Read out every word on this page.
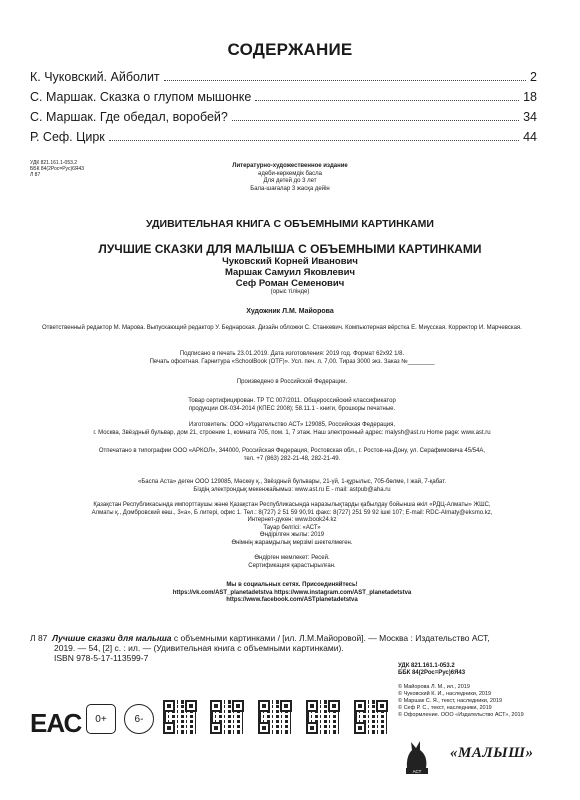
СОДЕРЖАНИЕ
К. Чуковский. Айболит	2
С. Маршак. Сказка о глупом мышонке	18
С. Маршак. Где обедал, воробей?	34
Р. Сеф. Цирк	44
УДК 821.161.1-053.2
ББК 84(2Рос=Рус)6Я43
Л 87
Литературно-художественное издание
әдеби-көркемдік басла
Для детей до 3 лет
Бала-шағалар 3 жасқа дейін
УДИВИТЕЛЬНАЯ КНИГА С ОБЪЕМНЫМИ КАРТИНКАМИ
ЛУЧШИЕ СКАЗКИ ДЛЯ МАЛЫША С ОБЪЕМНЫМИ КАРТИНКАМИ
Чуковский Корней Иванович
Маршак Самуил Яковлевич
Сеф Роман Семенович
(орыс тілінде)
Художник Л.М. Майорова
Ответственный редактор М. Марова. Выпускающий редактор У. Беднарская. Дизайн обложки С. Станкевич. Компьютерная вёрстка Е. Миусская. Корректор И. Марчевская.
Подписано в печать 23.01.2019. Дата изготовления: 2019 год. Формат 62x92 1/8.
Печать офсетная. Гарнитура «SchoolBook (OTF)». Усл. печ. л. 7,00. Тираз 3000 экз. Заказ №________
Произведено в Российской Федерации.
Товар сертифицирован. ТР ТС 007/2011. Общероссийский классификатор
продукции ОК-034-2014 (КПЕС 2008); 58.11.1 - книги, брошюры печатные.
Изготовитель: ООО «Издательство АСТ» 129085, Российская Федерация,
г. Москва, Звёздный бульвар, дом 21, строение 1, комната 705, пом. 1, 7 этаж. Наш электронный адрес: malysh@ast.ru Home page: www.ast.ru
Отпечатано в типографии ООО «АРКОЛ», 344000, Российская Федерация, Ростовская обл., г. Ростов-на-Дону, ул. Серафимовича 45/54А,
тел. +7 (863) 282-21-48, 282-21-49.
«Баспа Аста» деген ООО 129085, Мәскеу қ., Звёздный бульвары, 21-үй, 1-құрылыс, 705-бөлме, I жай, 7-қабат.
Біздің электрондық мекенжайымыз: www.ast.ru E - mail: astpub@aha.ru
Қазақстан Республикасында импорттаушы және Қазақстан Республикасында наразылықтарды қабылдау бойынша өкіл «РДЦ-Алматы» ЖШС,
Алматы қ., Домбровский көш., 3«а», Б литері, офис 1. Тел.: 8(727) 2 51 59 90,91 факс: 8(727) 251 59 92 ішкі 107; E-mail: RDC-Almaty@eksmo.kz,
Интернет-дүкен: www.book24.kz
Тауар белгісі: «АСТ»
Өндірілген жылы: 2019
Өнімнің жарамдылық мерзімі шектелмеген.
Өндірген мемлекет: Ресей.
Сертификация қарастырылған.
Мы в социальных сетях. Присоединяйтесь!
https://vk.com/AST_planetadetstva https://www.instagram.com/AST_planetadetstva
https://www.facebook.com/ASTplanetadetstva
Л 87 Лучшие сказки для малыша с объемными картинками / [ил. Л.М.Майоровой]. — Москва : Издательство АСТ,
2019. — 54, [2] с. : ил. — (Удивительная книга с объемными картинками).
ISBN 978-5-17-113599-7
УДК 821.161.1-053.2
ББК 84(2Рос=Рус)6Я43
© Майорова Л. М., ил., 2019
© Чуковский К. И., наследники, 2019
© Маршак С. Я., текст, наследники, 2019
© Сеф Р. С., текст, наследники, 2019
© Оформление. ООО «Издательство АСТ», 2019
ЕАС	0+	6-
АСТ
«МАЛЫШ»
